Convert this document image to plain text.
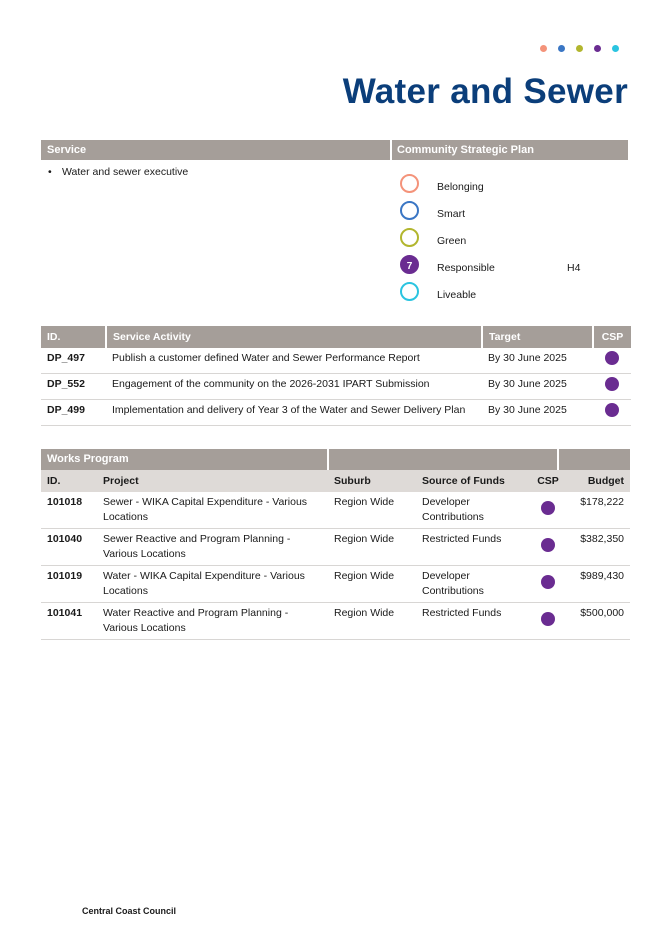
Water and Sewer
Service	Community Strategic Plan
• Water and sewer executive
Belonging
Smart
Green
7	Responsible	H4
Liveable
ID.	Service Activity	Target	CSP
DP_497	Publish a customer defined Water and Sewer Performance Report	By 30 June 2025	
DP_552	Engagement of the community on the 2026-2031 IPART Submission	By 30 June 2025	
DP_499	Implementation and delivery of Year 3 of the Water and Sewer Delivery Plan	By 30 June 2025	
Works Program
ID.	Project	Suburb	Source of Funds	CSP	Budget
101018	Sewer - WIKA Capital Expenditure - Various Locations	Region Wide	Developer Contributions		$178,222
101040	Sewer Reactive and Program Planning - Various Locations	Region Wide	Restricted Funds		$382,350
101019	Water - WIKA Capital Expenditure - Various Locations	Region Wide	Developer Contributions		$989,430
101041	Water Reactive and Program Planning - Various Locations	Region Wide	Restricted Funds		$500,000
Central Coast Council
